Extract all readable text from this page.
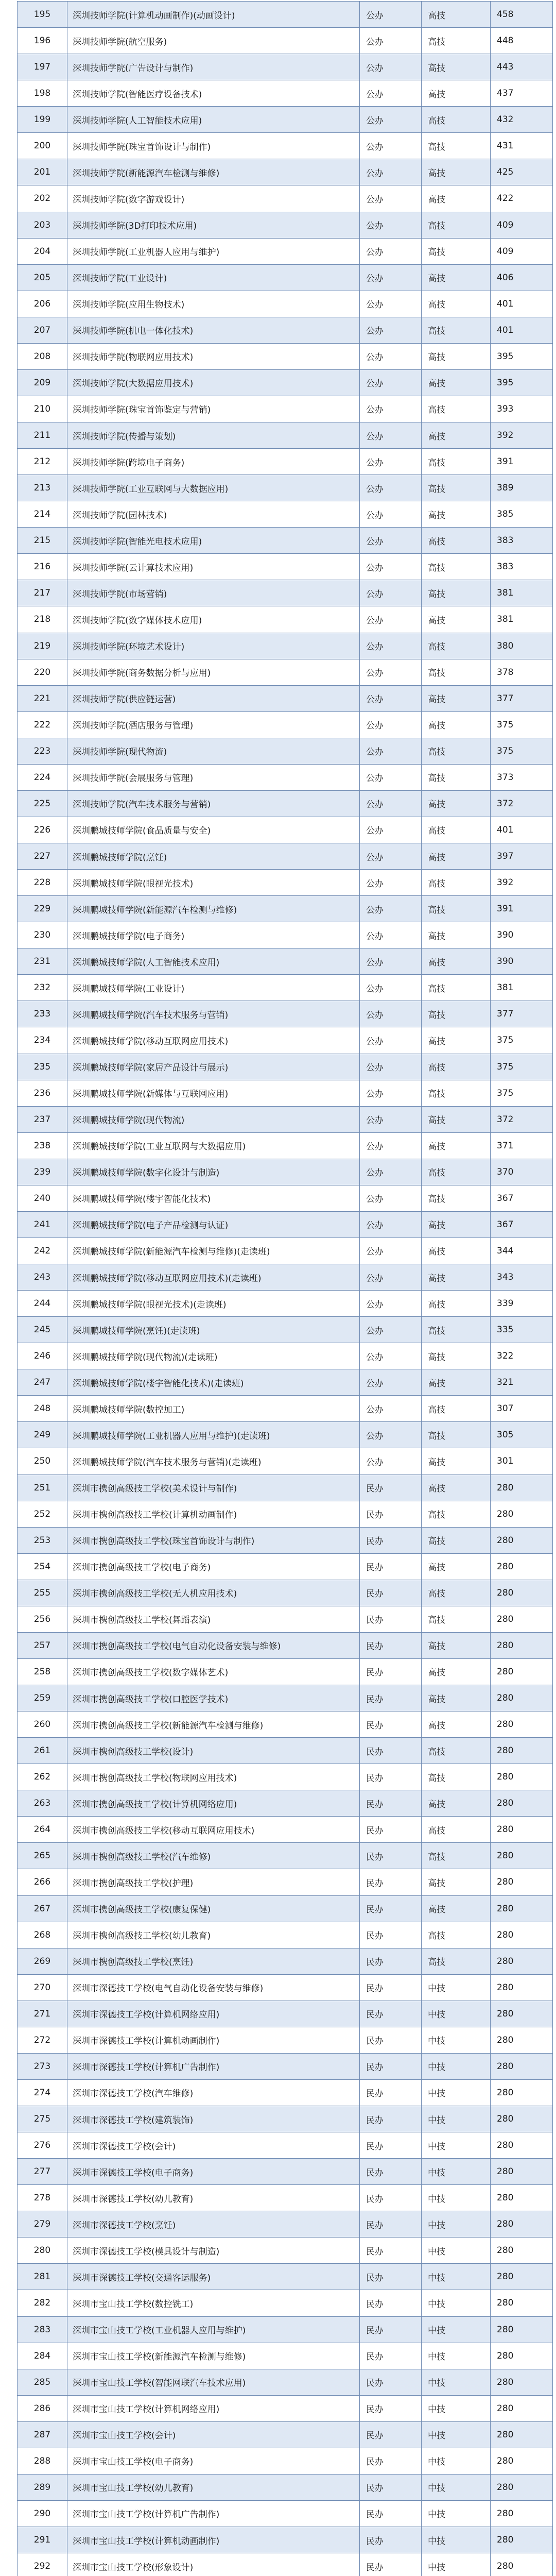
195	深圳技师学院(计算机动画制作)(动画设计)	公办	高技	458
196	深圳技师学院(航空服务)	公办	高技	448
197	深圳技师学院(广告设计与制作)	公办	高技	443
198	深圳技师学院(智能医疗设备技术)	公办	高技	437
199	深圳技师学院(人工智能技术应用)	公办	高技	432
200	深圳技师学院(珠宝首饰设计与制作)	公办	高技	431
201	深圳技师学院(新能源汽车检测与维修)	公办	高技	425
202	深圳技师学院(数字游戏设计)	公办	高技	422
203	深圳技师学院(3D打印技术应用)	公办	高技	409
204	深圳技师学院(工业机器人应用与维护)	公办	高技	409
205	深圳技师学院(工业设计)	公办	高技	406
206	深圳技师学院(应用生物技术)	公办	高技	401
207	深圳技师学院(机电一体化技术)	公办	高技	401
208	深圳技师学院(物联网应用技术)	公办	高技	395
209	深圳技师学院(大数据应用技术)	公办	高技	395
210	深圳技师学院(珠宝首饰鉴定与营销)	公办	高技	393
211	深圳技师学院(传播与策划)	公办	高技	392
212	深圳技师学院(跨境电子商务)	公办	高技	391
213	深圳技师学院(工业互联网与大数据应用)	公办	高技	389
214	深圳技师学院(园林技术)	公办	高技	385
215	深圳技师学院(智能光电技术应用)	公办	高技	383
216	深圳技师学院(云计算技术应用)	公办	高技	383
217	深圳技师学院(市场营销)	公办	高技	381
218	深圳技师学院(数字媒体技术应用)	公办	高技	381
219	深圳技师学院(环境艺术设计)	公办	高技	380
220	深圳技师学院(商务数据分析与应用)	公办	高技	378
221	深圳技师学院(供应链运营)	公办	高技	377
222	深圳技师学院(酒店服务与管理)	公办	高技	375
223	深圳技师学院(现代物流)	公办	高技	375
224	深圳技师学院(会展服务与管理)	公办	高技	373
225	深圳技师学院(汽车技术服务与营销)	公办	高技	372
226	深圳鹏城技师学院(食品质量与安全)	公办	高技	401
227	深圳鹏城技师学院(烹饪)	公办	高技	397
228	深圳鹏城技师学院(眼视光技术)	公办	高技	392
229	深圳鹏城技师学院(新能源汽车检测与维修)	公办	高技	391
230	深圳鹏城技师学院(电子商务)	公办	高技	390
231	深圳鹏城技师学院(人工智能技术应用)	公办	高技	390
232	深圳鹏城技师学院(工业设计)	公办	高技	381
233	深圳鹏城技师学院(汽车技术服务与营销)	公办	高技	377
234	深圳鹏城技师学院(移动互联网应用技术)	公办	高技	375
235	深圳鹏城技师学院(家居产品设计与展示)	公办	高技	375
236	深圳鹏城技师学院(新媒体与互联网应用)	公办	高技	375
237	深圳鹏城技师学院(现代物流)	公办	高技	372
238	深圳鹏城技师学院(工业互联网与大数据应用)	公办	高技	371
239	深圳鹏城技师学院(数字化设计与制造)	公办	高技	370
240	深圳鹏城技师学院(楼宇智能化技术)	公办	高技	367
241	深圳鹏城技师学院(电子产品检测与认证)	公办	高技	367
242	深圳鹏城技师学院(新能源汽车检测与维修)(走读班)	公办	高技	344
243	深圳鹏城技师学院(移动互联网应用技术)(走读班)	公办	高技	343
244	深圳鹏城技师学院(眼视光技术)(走读班)	公办	高技	339
245	深圳鹏城技师学院(烹饪)(走读班)	公办	高技	335
246	深圳鹏城技师学院(现代物流)(走读班)	公办	高技	322
247	深圳鹏城技师学院(楼宇智能化技术)(走读班)	公办	高技	321
248	深圳鹏城技师学院(数控加工)	公办	高技	307
249	深圳鹏城技师学院(工业机器人应用与维护)(走读班)	公办	高技	305
250	深圳鹏城技师学院(汽车技术服务与营销)(走读班)	公办	高技	301
251	深圳市携创高级技工学校(美术设计与制作)	民办	高技	280
252	深圳市携创高级技工学校(计算机动画制作)	民办	高技	280
253	深圳市携创高级技工学校(珠宝首饰设计与制作)	民办	高技	280
254	深圳市携创高级技工学校(电子商务)	民办	高技	280
255	深圳市携创高级技工学校(无人机应用技术)	民办	高技	280
256	深圳市携创高级技工学校(舞蹈表演)	民办	高技	280
257	深圳市携创高级技工学校(电气自动化设备安装与维修)	民办	高技	280
258	深圳市携创高级技工学校(数字媒体艺术)	民办	高技	280
259	深圳市携创高级技工学校(口腔医学技术)	民办	高技	280
260	深圳市携创高级技工学校(新能源汽车检测与维修)	民办	高技	280
261	深圳市携创高级技工学校(设计)	民办	高技	280
262	深圳市携创高级技工学校(物联网应用技术)	民办	高技	280
263	深圳市携创高级技工学校(计算机网络应用)	民办	高技	280
264	深圳市携创高级技工学校(移动互联网应用技术)	民办	高技	280
265	深圳市携创高级技工学校(汽车维修)	民办	高技	280
266	深圳市携创高级技工学校(护理)	民办	高技	280
267	深圳市携创高级技工学校(康复保健)	民办	高技	280
268	深圳市携创高级技工学校(幼儿教育)	民办	高技	280
269	深圳市携创高级技工学校(烹饪)	民办	高技	280
270	深圳市深德技工学校(电气自动化设备安装与维修)	民办	中技	280
271	深圳市深德技工学校(计算机网络应用)	民办	中技	280
272	深圳市深德技工学校(计算机动画制作)	民办	中技	280
273	深圳市深德技工学校(计算机广告制作)	民办	中技	280
274	深圳市深德技工学校(汽车维修)	民办	中技	280
275	深圳市深德技工学校(建筑装饰)	民办	中技	280
276	深圳市深德技工学校(会计)	民办	中技	280
277	深圳市深德技工学校(电子商务)	民办	中技	280
278	深圳市深德技工学校(幼儿教育)	民办	中技	280
279	深圳市深德技工学校(烹饪)	民办	中技	280
280	深圳市深德技工学校(模具设计与制造)	民办	中技	280
281	深圳市深德技工学校(交通客运服务)	民办	中技	280
282	深圳市宝山技工学校(数控铣工)	民办	中技	280
283	深圳市宝山技工学校(工业机器人应用与维护)	民办	中技	280
284	深圳市宝山技工学校(新能源汽车检测与维修)	民办	中技	280
285	深圳市宝山技工学校(智能网联汽车技术应用)	民办	中技	280
286	深圳市宝山技工学校(计算机网络应用)	民办	中技	280
287	深圳市宝山技工学校(会计)	民办	中技	280
288	深圳市宝山技工学校(电子商务)	民办	中技	280
289	深圳市宝山技工学校(幼儿教育)	民办	中技	280
290	深圳市宝山技工学校(计算机广告制作)	民办	中技	280
291	深圳市宝山技工学校(计算机动画制作)	民办	中技	280
292	深圳市宝山技工学校(形象设计)	民办	中技	280
